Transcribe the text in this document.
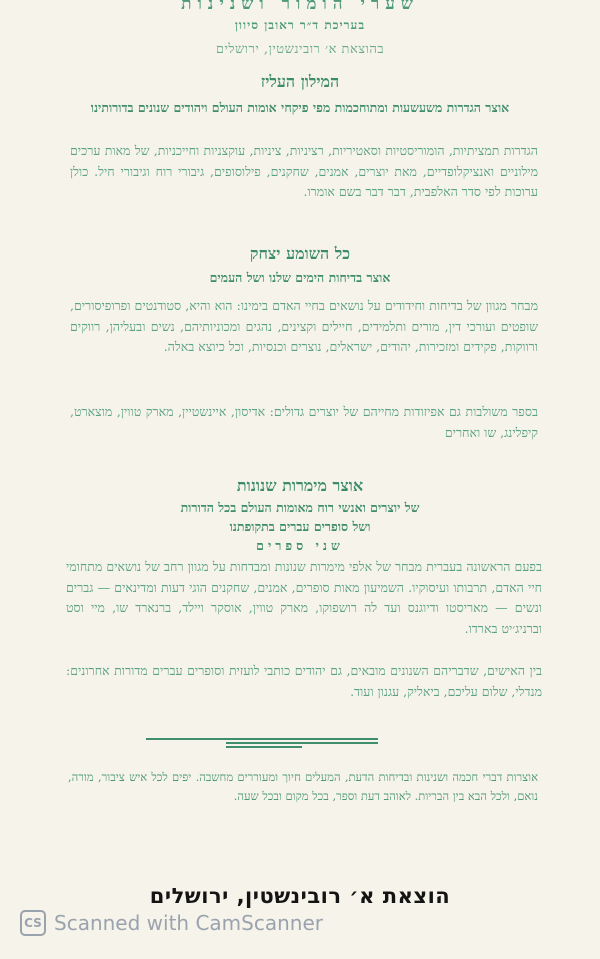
שערי הומור ושנינות
בעריכת ד״ר ראובן סיוון
בהוצאת א׳ רובינשטין, ירושלים
המילון העליז
אוצר הגדרות משעשעות ומתוחכמות מפי פיקחי אומות העולם ויהודים שנונים בדורותינו
הגדרות תמציתיות, הומוריסטיות וסאטיריות, רציניות, ציניות, עוקצניות וחייכניות, של מאות ערכים מילוניים ואנציקלופדיים, מאת יוצרים, אמנים, שחקנים, פילוסופים, גיבורי רוח וגיבורי חיל. כולן ערוכות לפי סדר האלפבית, דבר דבר בשם אומרו.
כל השומע יצחק
אוצר בדיחות הימים שלנו ושל העמים
מבחר מגוון של בדיחות וחידודים על נושאים בחיי האדם בימינו: הוא והיא, סטודנטים ופרופיסורים, שופטים ועורכי דין, מורים ותלמידים, חיילים וקצינים, נהגים ומכוניותיהם, נשים ובעליהן, רווקים ורווקות, פקידים ומזכירות, יהודים, ישראלים, נוצרים וכנסיות, וכל כיוצא באלה.
בספר משולבות גם אפיזודות מחייהם של יוצרים גדולים: אדיסון, איינשטיין, מארק טווין, מוצארט, קיפלינג, שו ואחרים
אוצר מימרות שנונות
של יוצרים ואנשי רוח מאומות העולם בכל הדורות
ושל סופרים עברים בתקופתנו
שני ספרים
בפעם הראשונה בעברית מבחר של אלפי מימרות שנונות ומבדחות על מגוון רחב של נושאים מתחומי חיי האדם, תרבותו ועיסוקיו. השמיעון מאות סופרים, אמנים, שחקנים הוגי דעות ומדינאים — גברים ונשים — מאריסטו ודיוגנס ועד לה רושפוקו, מארק טווין, אוסקר ויילד, ברנארד שו, מיי וסט וברניג׳יט בארדו.
בין האישים, שדבריהם השנונים מובאים, גם יהודים כותבי לועזית וסופרים עברים מדורות אחרונים: מנדלי, שלום עליכם, ביאליק, עגנון ועוד.
אוצרות דברי חכמה ושנינות ובדיחות הדעת, המעלים חיוך ומעוררים מחשבה. יפים לכל איש ציבור, מורה, נואם, ולכל הבא בין הבריות. לאוהב דעת וספר, בכל מקום ובכל שעה.
הוצאת א׳ רובינשטין, ירושלים
CS Scanned with CamScanner
